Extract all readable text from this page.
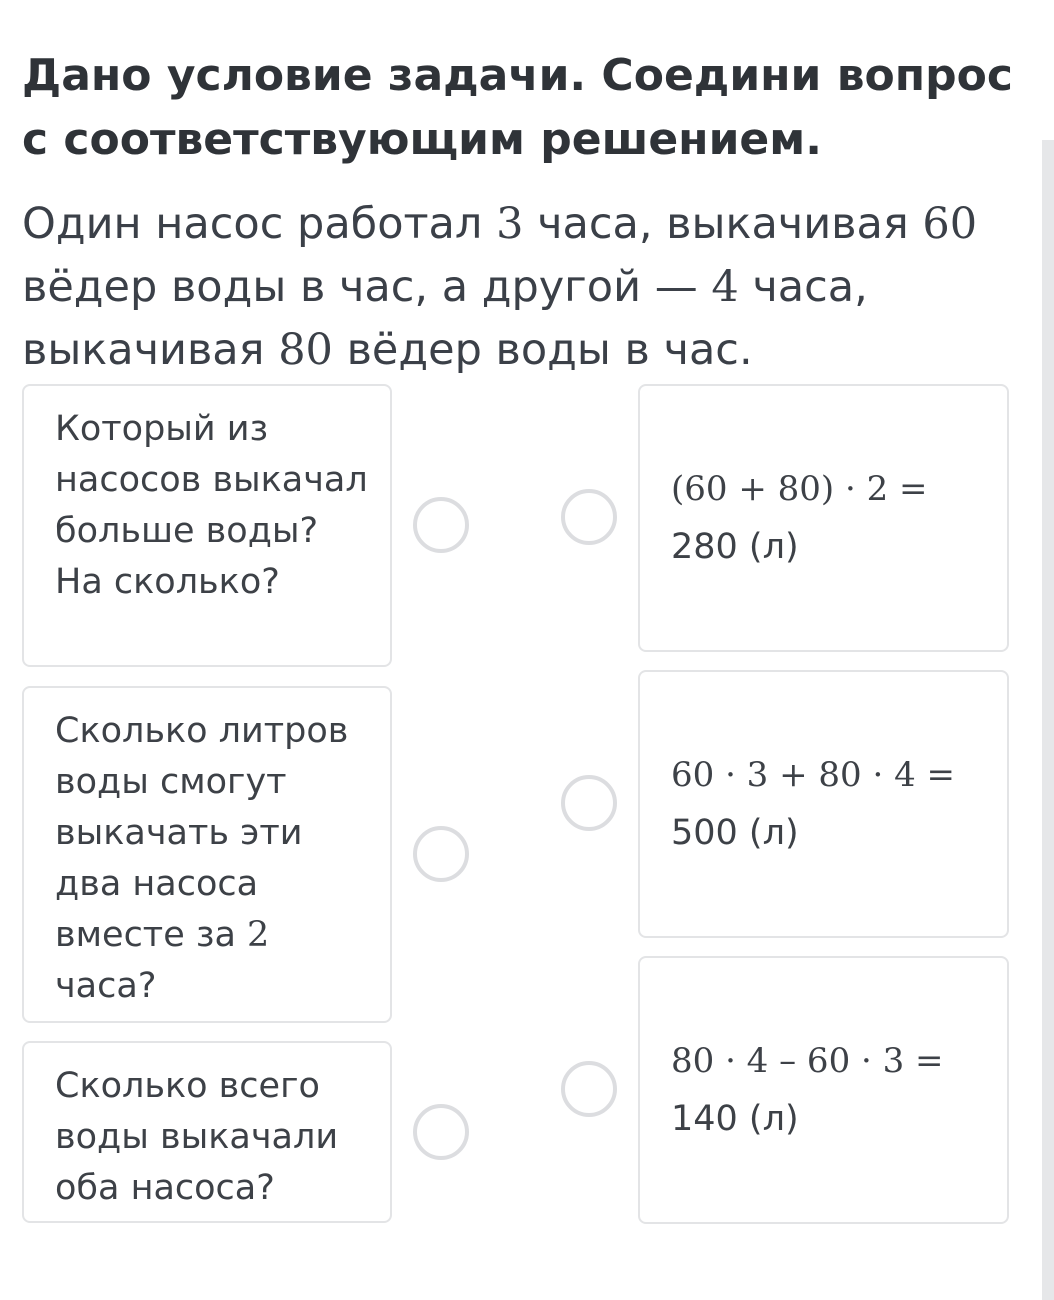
Дано условие задачи. Соедини вопрос с соответствующим решением.

Один насос работал 3 часа, выкачивая 60 вёдер воды в час, а другой — 4 часа, выкачивая 80 вёдер воды в час.

Который из насосов выкачал больше воды? На сколько?
Сколько литров воды смогут выкачать эти два насоса вместе за 2 часа?
Сколько всего воды выкачали оба насоса?
(60 + 80) · 2 =
280 (л)
60 · 3 + 80 · 4 =
500 (л)
80 · 4 – 60 · 3 =
140 (л)
